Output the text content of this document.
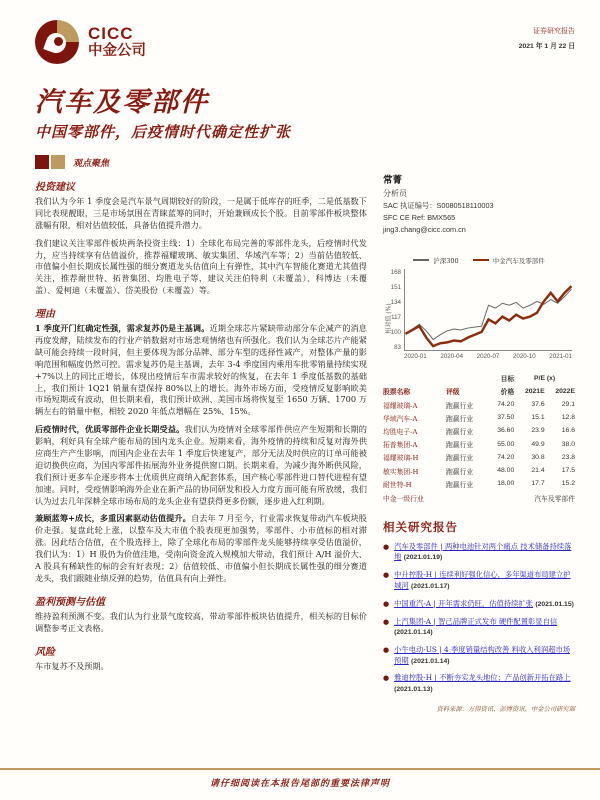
CICC
中金公司
证券研究报告
2021 年 1 月 22 日
汽车及零部件
中国零部件，后疫情时代确定性扩张
观点聚焦
投资建议

我们认为今年 1 季度会是汽车景气周期较好的阶段，一是属于低库存的旺季，二是低基数下同比表现靓眼，三是市场氛围在青睐蓝筹的同时，开始兼顾成长个股。目前零部件板块整体涨幅有限，相对估值较低，具备估值提升潜力。

我们建议关注零部件板块两条投资主线：1）全球化布局完善的零部件龙头，后疫情时代发力，应当持续享有估值溢价，推荐福耀玻璃、敏实集团、华域汽车等；2）当前估值较低、市值偏小但长期成长属性强的细分赛道龙头估值向上有弹性，其中汽车智能化赛道尤其值得关注，推荐耐世特、拓普集团、均胜电子等，建议关注伯特利（未覆盖）、科博达（未覆盖）、爱柯迪（未覆盖）、岱美股份（未覆盖）等。

理由

1 季度开门红确定性强，需求复苏仍是主基调。近期全球芯片紧缺带动部分车企减产的消息再度发酵，陆续发布的行业产销数据对市场悲观情绪也有所强化。我们认为全球芯片产能紧缺可能会持续一段时间，但主要体现为部分品牌、部分车型的选择性减产，对整体产量的影响范围和幅度仍然可控。需求复苏仍是主基调，去年 3-4 季度国内乘用车批零销量持续实现+7%以上的同比正增长，体现出疫情后车市需求较好的恢复，在去年 1 季度低基数的基础上，我们预计 1Q21 销量有望保持 80%以上的增长。海外市场方面，受疫情反复影响欧美市场短期或有波动，但长期来看，我们预计欧洲、美国市场将恢复至 1650 万辆、1700 万辆左右的销量中枢，相较 2020 年低点增幅在 25%、15%。

后疫情时代，优质零部件企业长期受益。我们认为疫情对全球零部件供应产生短期和长期的影响，利好具有全球产能布局的国内龙头企业。短期来看，海外疫情的持续和反复对海外供应商生产产生影响，而国内企业在去年 1 季度后快速复产，部分无法及时供应的订单可能被迫切换供应商，为国内零部件拓展海外业务提供窗口期。长期来看，为减少海外断供风险，我们预计更多车企逐步将本土优质供应商纳入配套体系，国产核心零部件进口替代进程有望加速。同时，受疫情影响海外企业在新产品的协同研发和投入力度方面可能有所放缓，我们认为过去几年深耕全球市场布局的龙头企业有望获得更多份额，逐步进入红利期。

兼顾蓝筹+成长，多重因素驱动估值提升。自去年 7 月至今，行业需求恢复带动汽车板块股价走强。复盘此轮上涨，以整车及大市值个股表现更加强势，零部件、小市值标的相对滞涨。因此结合估值，在个股选择上，除了全球化布局的零部件龙头能够持续享受估值溢价，我们认为：1）H 股仍为价值洼地，受南向资金流入规模加大带动，我们预计 A/H 溢价大、A 股具有稀缺性的标的会有好表现；2）估值较低、市值偏小但长期成长属性强的细分赛道龙头，我们跟随业绩反弹的趋势，估值具有向上弹性。

盈利预测与估值

维持盈利预测不变。我们认为行业景气度较高，带动零部件板块估值提升，相关标的目标价调整参考正文表格。

风险

车市复苏不及预期。

常菁
分析员
SAC 执证编号：S0080518110003
SFC CE Ref: BMX565
jing3.chang@cicc.com.cn
沪深300	中金汽车及零部件
相对值 (%)
168
151
134
117
100
83
2020-01 2020-04 2020-07 2020-10 2021-01
		目标	P/E (x)	
股票名称	评级	价格	2021E	2022E
福耀玻璃-A	跑赢行业	74.20	37.6	29.1
华域汽车-A	跑赢行业	37.50	15.1	12.8
均胜电子-A	跑赢行业	36.60	23.9	16.6
拓普集团-A	跑赢行业	55.00	49.9	38.0
福耀玻璃-H	跑赢行业	74.20	30.8	23.8
敏实集团-H	跑赢行业	48.00	21.4	17.5
耐世特-H	跑赢行业	18.00	17.7	15.2
中金一级行业	汽车及零部件			
相关研究报告
● 汽车及零部件 | 两种电池针对两个痛点 技术储备持续落地 (2021.01.19)
● 中升控股-H | 连续利好强化信心，多年渠道布局建立护城河 (2021.01.17)
● 中国重汽-A | 开年需求仍旺，估值持续扩张 (2021.01.15)
● 上汽集团-A | 智己品牌正式发布 硬件配置彰显自信 (2021.01.14)
● 小牛电动-US | 4 季度销量结构改善 料收入利润超市场预期 (2021.01.14)
● 雅迪控股-H | 不断夯实龙头地位；产品创新开拓在路上 (2021.01.13)
资料来源：万得资讯、彭博资讯、中金公司研究部
请仔细阅读在本报告尾部的重要法律声明
